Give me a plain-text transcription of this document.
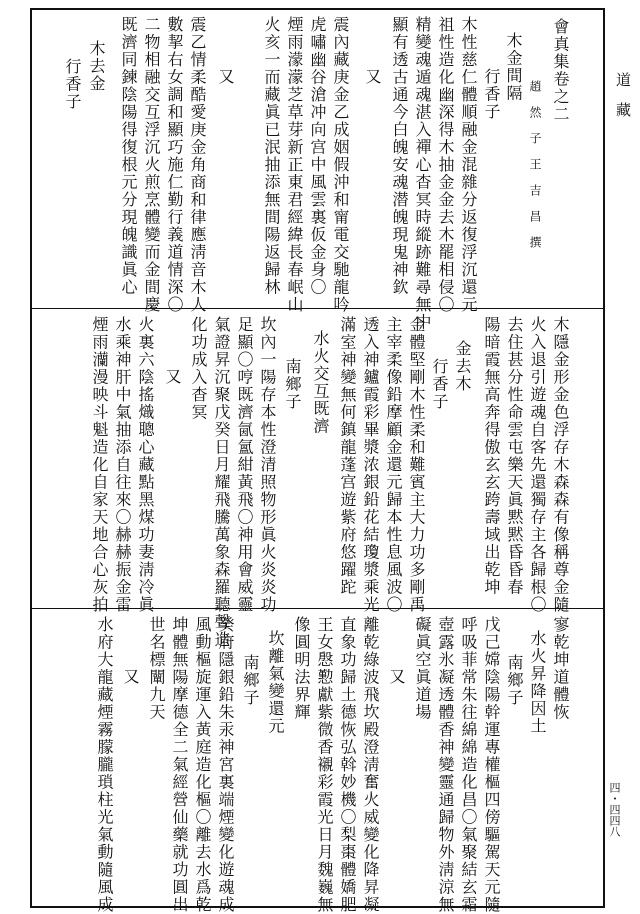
會真集卷之二
趙　然　子　王　吉　昌　撰
木金間隔
行香子
木性慈仁體順融金混雜分返復浮沉還元
祖性造化幽深得木抽金金去木罷相侵〇
精變魂遁魂湛入禪心杳冥時縱跡難尋無中
顯有透古通今白魄安魂潜魄現鬼神欽
又
震內藏庚金乙成姻假沖和甯電交馳龍吟
虎嘯幽谷滄冲向宫中風雲裏仮金身〇
煙雨濛濛芝草芽新正東君經緯長春岷山
火亥一而藏眞已泯抽添無間陽返歸林
又
震乙情柔酷愛庚金角商和律應淸音木人
數挈右女調和顯巧施仁勤行義道情深〇
二物相融交互浮沉火煎烹體變而金間慶
既濟同鍊陰陽得復根元分現魄識眞心
木去金
行香子
木隱金形金色浮存木森森有像稱尊金隨
火入退引遊魂自客先還獨存主各歸根〇
去住甚分性命雲屯樂天眞黙黙昏昏春
陽暗霞無高奔得傲玄玄跨壽域出乾坤
金去木
行香子
金體堅剛木性柔和難賓主大力功多剛禹
主宰柔像鉛摩顧金還元歸本性息風波〇
透入神鑪霞彩畢漿浓銀鉛花結瓊漿乘光
滿室神變無何鎮龍蓬宫遊紫府悠躍跎
水火交互既濟
南鄉子
坎內一陽存本性澄清照物形眞火炎炎功
足顯〇哼既濟氤氳紺黃飛〇神用會威靈
氣證昇沉聚戊癸日月耀飛騰萬象森羅聽聲造
化功成入杳冥
又
火裏六陰搖熾聰心藏點黑煤功妻淸冷眞
水乘神肝中氣抽添自往來〇赫赫振金雷
煙雨灡漫映斗魁造化自家天地合心灰拍
寥乾坤道體恢
水火昇降因土
南鄉子
戊己嫦陰陽幹運專權樞四傍驅駕天元隨
呼吸菲常朱往綿綿造化昌〇氣聚結玄霜
壺露氷凝透體香神變靈通歸物外淸涼無
礙眞空眞道場
又
離乾綠波飛坎殿澄淸奮火威變化降昇凝
直象功歸土德恢弘斡妙機〇梨棗體嬌肥
王女慇懃獻紫微香襯彩霞光日月魏巍無
像圓明法界輝
坎離氣變還元
南鄉子
癸府隱銀鉛朱汞神宮裏端煙變化遊魂成
風動樞旋運入黃庭造化樞〇離去水爲乾
坤體無陽摩德全二氣經營仙藥就功圓出
世名標闡九天
又
水府大龍藏煙霧朦朧瑣柱光氣動隨風成
道　藏
四・四四八
